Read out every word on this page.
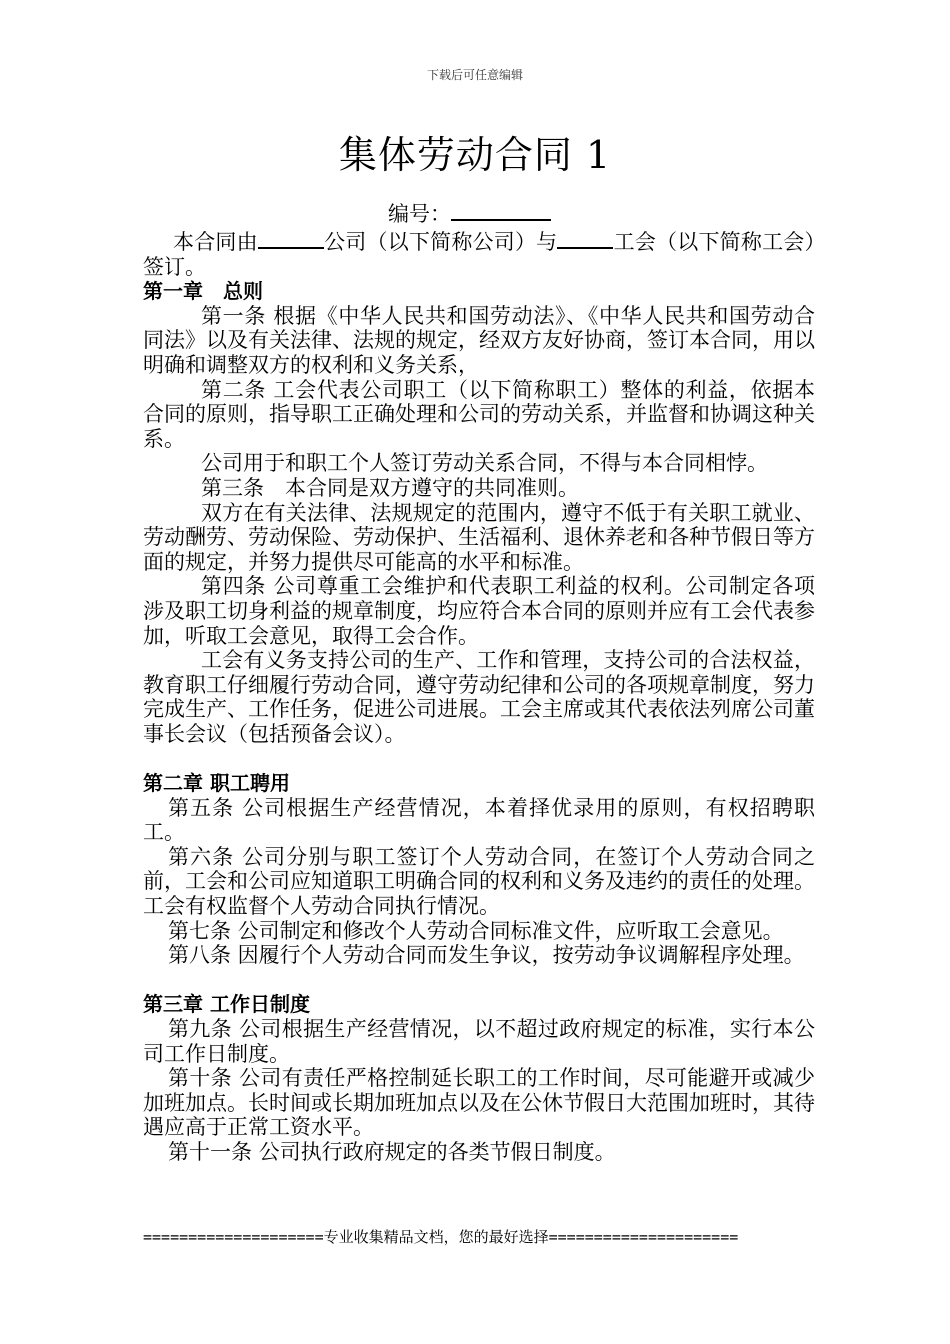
下载后可任意编辑
集体劳动合同 1
编号：

本合同由	公司（以下简称公司）与	工会（以下简称工会）签订。

第一章　总则

第一条 根据《中华人民共和国劳动法》、《中华人民共和国劳动合同法》以及有关法律、法规的规定，经双方友好协商，签订本合同，用以明确和调整双方的权利和义务关系，

第二条 工会代表公司职工（以下简称职工）整体的利益，依据本合同的原则，指导职工正确处理和公司的劳动关系，并监督和协调这种关系。

公司用于和职工个人签订劳动关系合同，不得与本合同相悖。

第三条　本合同是双方遵守的共同准则。

双方在有关法律、法规规定的范围内，遵守不低于有关职工就业、劳动酬劳、劳动保险、劳动保护、生活福利、退休养老和各种节假日等方面的规定，并努力提供尽可能高的水平和标准。

第四条 公司尊重工会维护和代表职工利益的权利。公司制定各项涉及职工切身利益的规章制度，均应符合本合同的原则并应有工会代表参加，听取工会意见，取得工会合作。

工会有义务支持公司的生产、工作和管理，支持公司的合法权益，教育职工仔细履行劳动合同，遵守劳动纪律和公司的各项规章制度，努力完成生产、工作任务，促进公司进展。工会主席或其代表依法列席公司董事长会议（包括预备会议）。

第二章 职工聘用

第五条 公司根据生产经营情况，本着择优录用的原则，有权招聘职工。

第六条 公司分别与职工签订个人劳动合同，在签订个人劳动合同之前，工会和公司应知道职工明确合同的权利和义务及违约的责任的处理。工会有权监督个人劳动合同执行情况。

第七条 公司制定和修改个人劳动合同标准文件，应听取工会意见。

第八条 因履行个人劳动合同而发生争议，按劳动争议调解程序处理。

第三章 工作日制度

第九条 公司根据生产经营情况，以不超过政府规定的标准，实行本公司工作日制度。

第十条 公司有责任严格控制延长职工的工作时间，尽可能避开或减少加班加点。长时间或长期加班加点以及在公休节假日大范围加班时，其待遇应高于正常工资水平。

第十一条 公司执行政府规定的各类节假日制度。

====================专业收集精品文档，您的最好选择=====================
